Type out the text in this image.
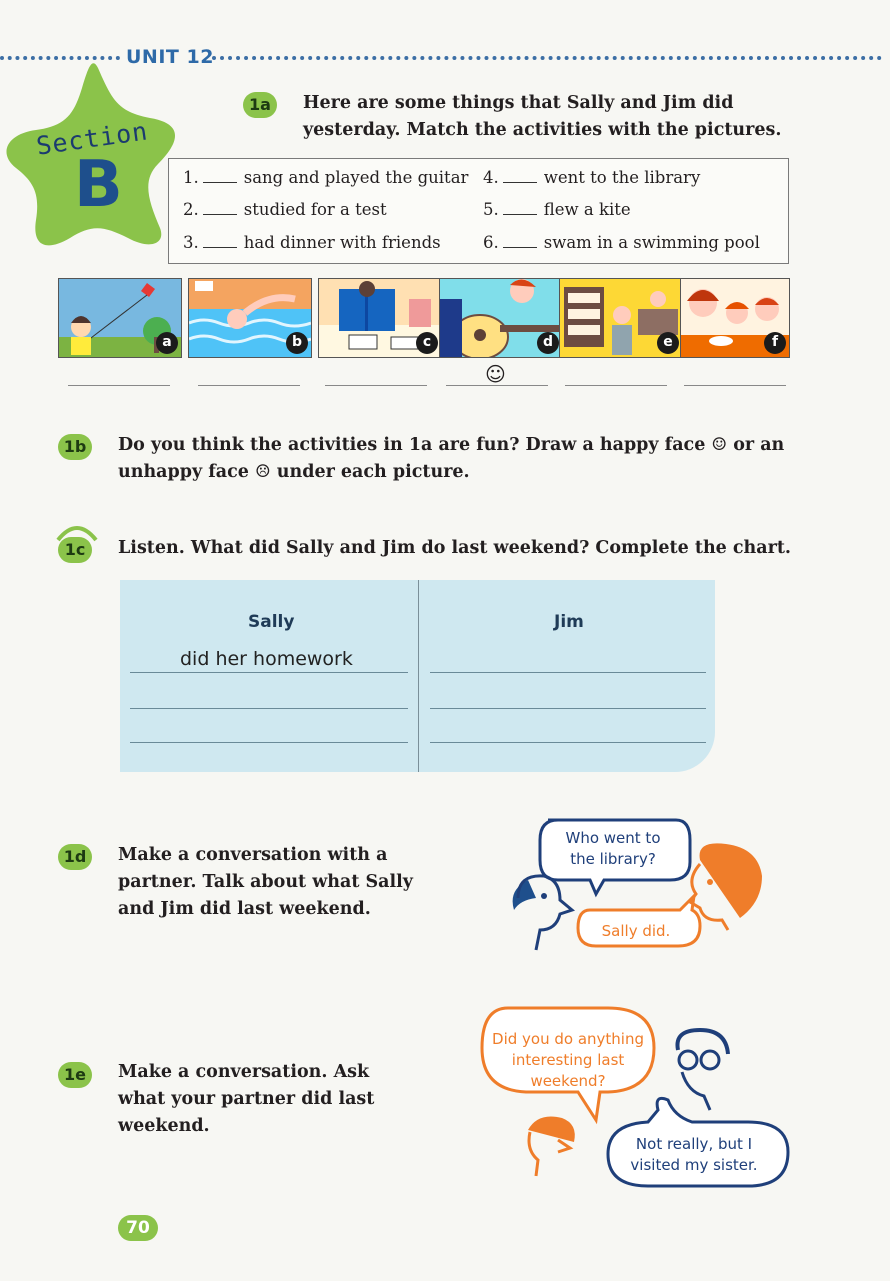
UNIT 12
Section
B
1a	Here are some things that Sally and Jim did
yesterday. Match the activities with the pictures.
1.	sang and played the guitar
2.	studied for a test
3.	had dinner with friends
4.	went to the library
5.	flew a kite
6.	swam in a swimming pool
a	b	c	d	e	f
☺
1b	Do you think the activities in 1a are fun? Draw a happy face ☺ or an
unhappy face ☹ under each picture.
1c	Listen. What did Sally and Jim do last weekend? Complete the chart.
Sally	Jim
did her homework
1d	Make a conversation with a
partner. Talk about what Sally
and Jim did last weekend.
Who went to
the library?
Sally did.
1e	Make a conversation. Ask
what your partner did last
weekend.
Did you do anything
interesting last
weekend?
Not really, but I
visited my sister.
70
